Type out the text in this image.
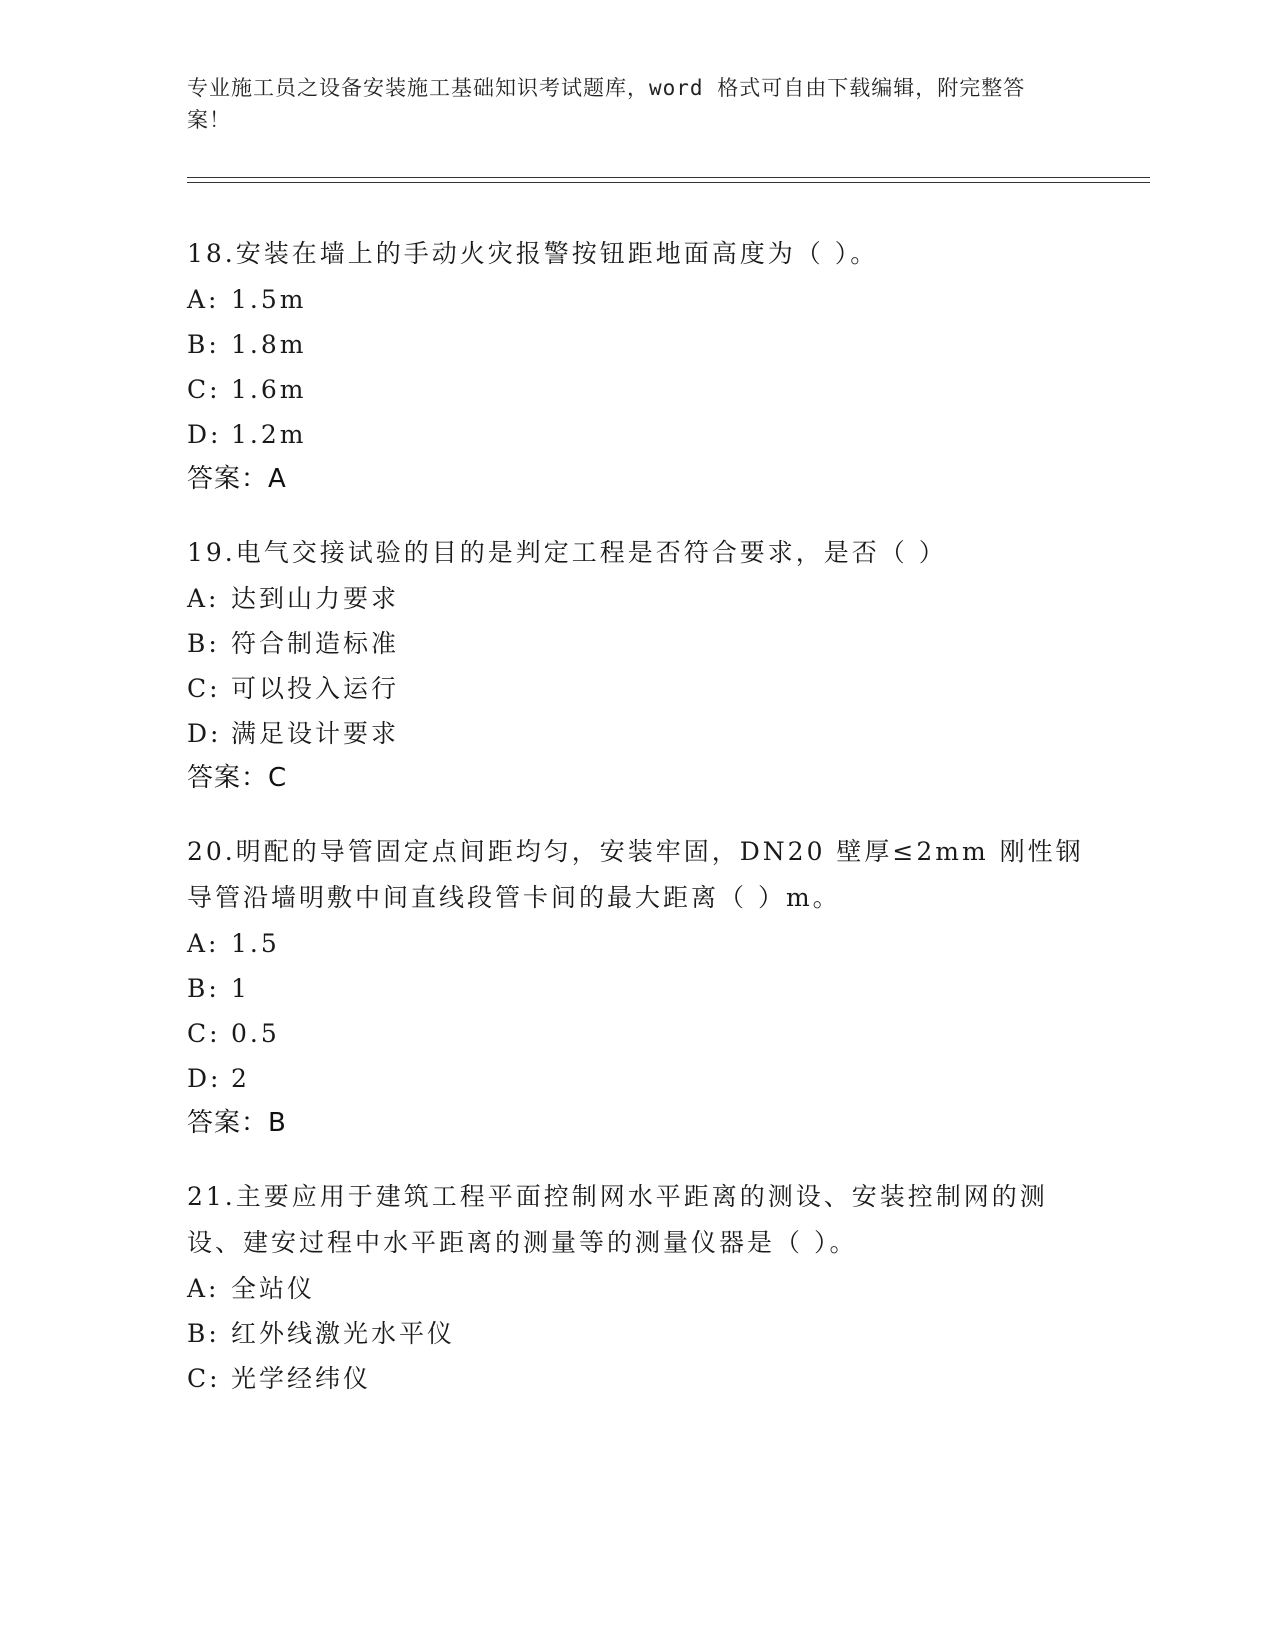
专业施工员之设备安装施工基础知识考试题库，word 格式可自由下载编辑，附完整答案！

18.安装在墙上的手动火灾报警按钮距地面高度为（ ）。

A: 1.5m
B: 1.8m
C: 1.6m
D: 1.2m
答案：A

19.电气交接试验的目的是判定工程是否符合要求，是否（ ）

A: 达到山力要求
B: 符合制造标准
C: 可以投入运行
D: 满足设计要求
答案：C

20.明配的导管固定点间距均匀，安装牢固，DN20 壁厚≤2mm 刚性钢导管沿墙明敷中间直线段管卡间的最大距离（ ）m。

A: 1.5
B: 1
C: 0.5
D: 2
答案：B

21.主要应用于建筑工程平面控制网水平距离的测设、安装控制网的测设、建安过程中水平距离的测量等的测量仪器是（ ）。

A: 全站仪
B: 红外线激光水平仪
C: 光学经纬仪
